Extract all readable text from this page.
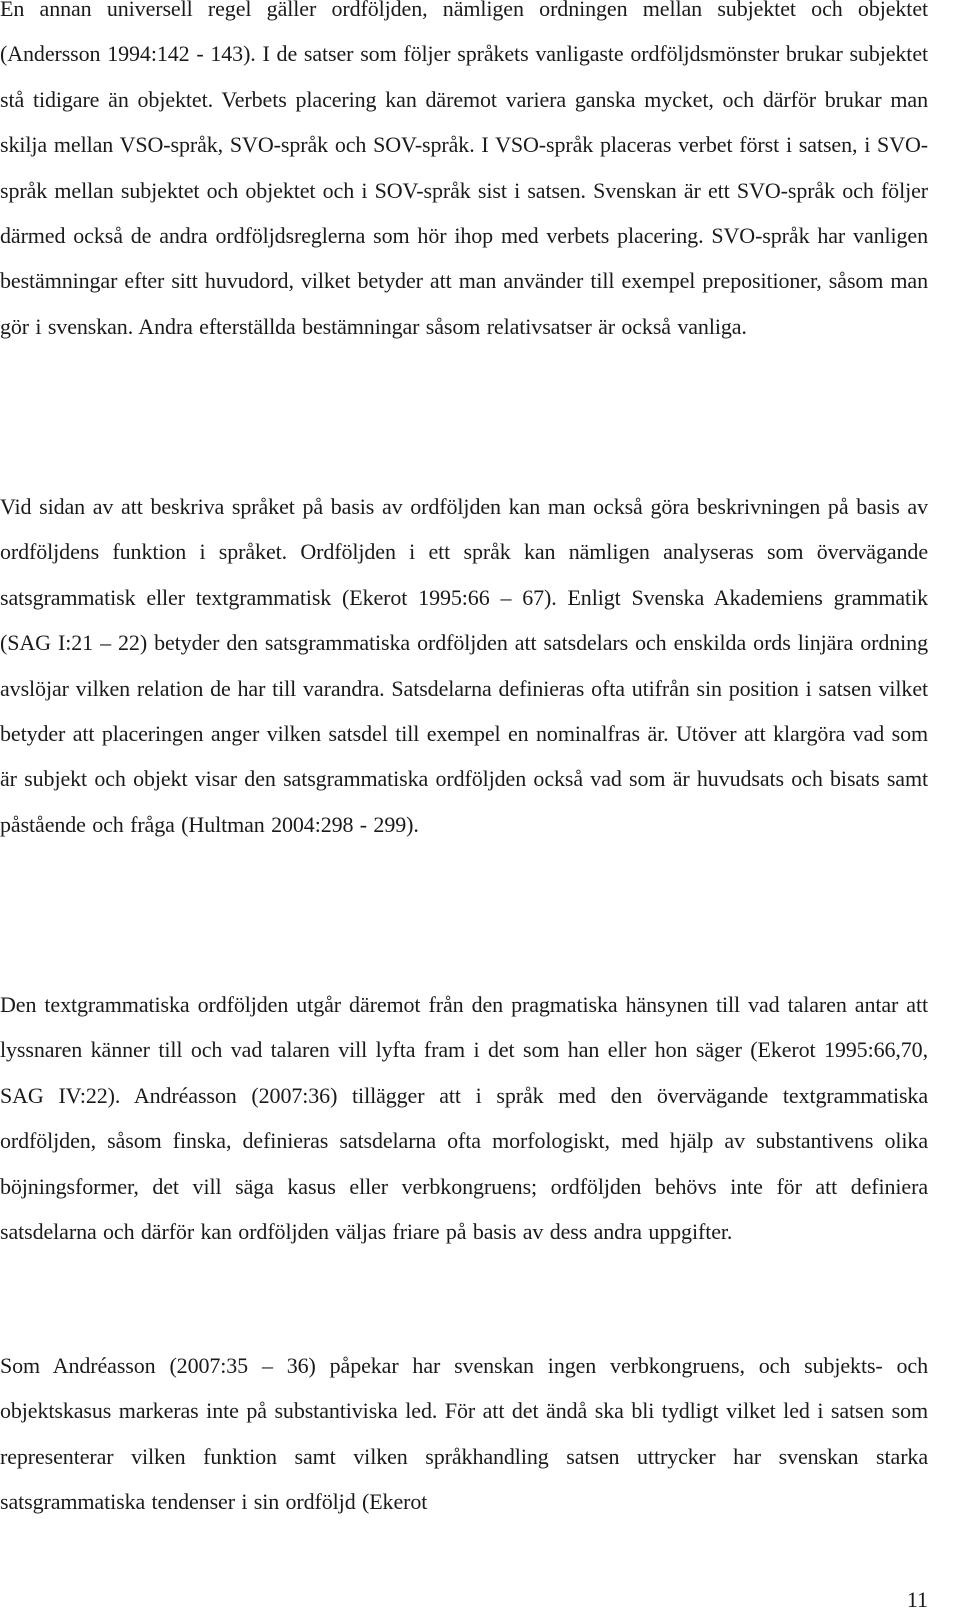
En annan universell regel gäller ordföljden, nämligen ordningen mellan subjektet och objektet (Andersson 1994:142 - 143). I de satser som följer språkets vanligaste ordföljdsmönster brukar subjektet stå tidigare än objektet. Verbets placering kan däremot variera ganska mycket, och därför brukar man skilja mellan VSO-språk, SVO-språk och SOV-språk. I VSO-språk placeras verbet först i satsen, i SVO-språk mellan subjektet och objektet och i SOV-språk sist i satsen. Svenskan är ett SVO-språk och följer därmed också de andra ordföljdsreglerna som hör ihop med verbets placering. SVO-språk har vanligen bestämningar efter sitt huvudord, vilket betyder att man använder till exempel prepositioner, såsom man gör i svenskan. Andra efterställda bestämningar såsom relativsatser är också vanliga.

Vid sidan av att beskriva språket på basis av ordföljden kan man också göra beskrivningen på basis av ordföljdens funktion i språket. Ordföljden i ett språk kan nämligen analyseras som övervägande satsgrammatisk eller textgrammatisk (Ekerot 1995:66 – 67). Enligt Svenska Akademiens grammatik (SAG I:21 – 22) betyder den satsgrammatiska ordföljden att satsdelars och enskilda ords linjära ordning avslöjar vilken relation de har till varandra. Satsdelarna definieras ofta utifrån sin position i satsen vilket betyder att placeringen anger vilken satsdel till exempel en nominalfras är. Utöver att klargöra vad som är subjekt och objekt visar den satsgrammatiska ordföljden också vad som är huvudsats och bisats samt påstående och fråga (Hultman 2004:298 - 299).

Den textgrammatiska ordföljden utgår däremot från den pragmatiska hänsynen till vad talaren antar att lyssnaren känner till och vad talaren vill lyfta fram i det som han eller hon säger (Ekerot 1995:66,70, SAG IV:22). Andréasson (2007:36) tillägger att i språk med den övervägande textgrammatiska ordföljden, såsom finska, definieras satsdelarna ofta morfologiskt, med hjälp av substantivens olika böjningsformer, det vill säga kasus eller verbkongruens; ordföljden behövs inte för att definiera satsdelarna och därför kan ordföljden väljas friare på basis av dess andra uppgifter.

Som Andréasson (2007:35 – 36) påpekar har svenskan ingen verbkongruens, och subjekts- och objektskasus markeras inte på substantiviska led. För att det ändå ska bli tydligt vilket led i satsen som representerar vilken funktion samt vilken språkhandling satsen uttrycker har svenskan starka satsgrammatiska tendenser i sin ordföljd (Ekerot

11
